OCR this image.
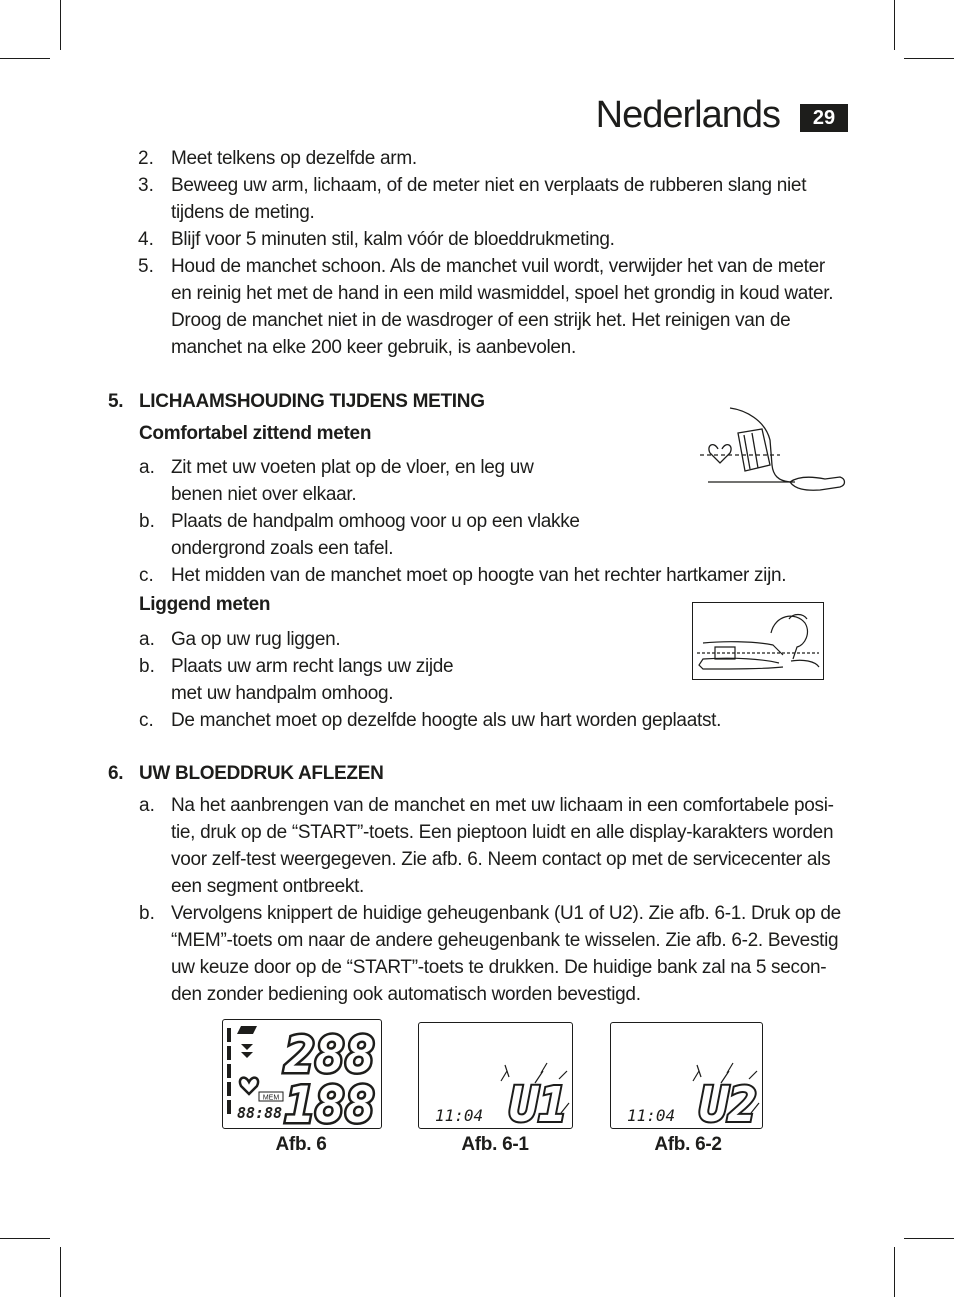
Nederlands	29
2. Meet telkens op dezelfde arm.
3. Beweeg uw arm, lichaam, of de meter niet en verplaats de rubberen slang niet
tijdens de meting.
4. Blijf voor 5 minuten stil, kalm vóór de bloeddrukmeting.
5. Houd de manchet schoon. Als de manchet vuil wordt, verwijder het van de meter
en reinig het met de hand in een mild wasmiddel, spoel het grondig in koud water.
Droog de manchet niet in de wasdroger of een strijk het. Het reinigen van de
manchet na elke 200 keer gebruik, is aanbevolen.
5. LICHAAMSHOUDING TIJDENS METING
Comfortabel zittend meten
a. Zit met uw voeten plat op de vloer, en leg uw
benen niet over elkaar.
b. Plaats de handpalm omhoog voor u op een vlakke
ondergrond zoals een tafel.
c. Het midden van de manchet moet op hoogte van het rechter hartkamer zijn.
Liggend meten
a. Ga op uw rug liggen.
b. Plaats uw arm recht langs uw zijde
met uw handpalm omhoog.
c. De manchet moet op dezelfde hoogte als uw hart worden geplaatst.
6. UW BLOEDDRUK AFLEZEN
a. Na het aanbrengen van de manchet en met uw lichaam in een comfortabele posi-
tie, druk op de “START”-toets. Een pieptoon luidt en alle display-karakters worden
voor zelf-test weergegeven. Zie afb. 6. Neem contact op met de servicecenter als
een segment ontbreekt.
b. Vervolgens knippert de huidige geheugenbank (U1 of U2). Zie afb. 6-1. Druk op de
“MEM”-toets om naar de andere geheugenbank te wisselen. Zie afb. 6-2. Bevestig
uw keuze door op de “START”-toets te drukken. De huidige bank zal na 5 secon-
den zonder bediening ook automatisch worden bevestigd.
MEM
88:88
288
188
Afb. 6
11:04 U1
Afb. 6-1
11:04 U2
Afb. 6-2
